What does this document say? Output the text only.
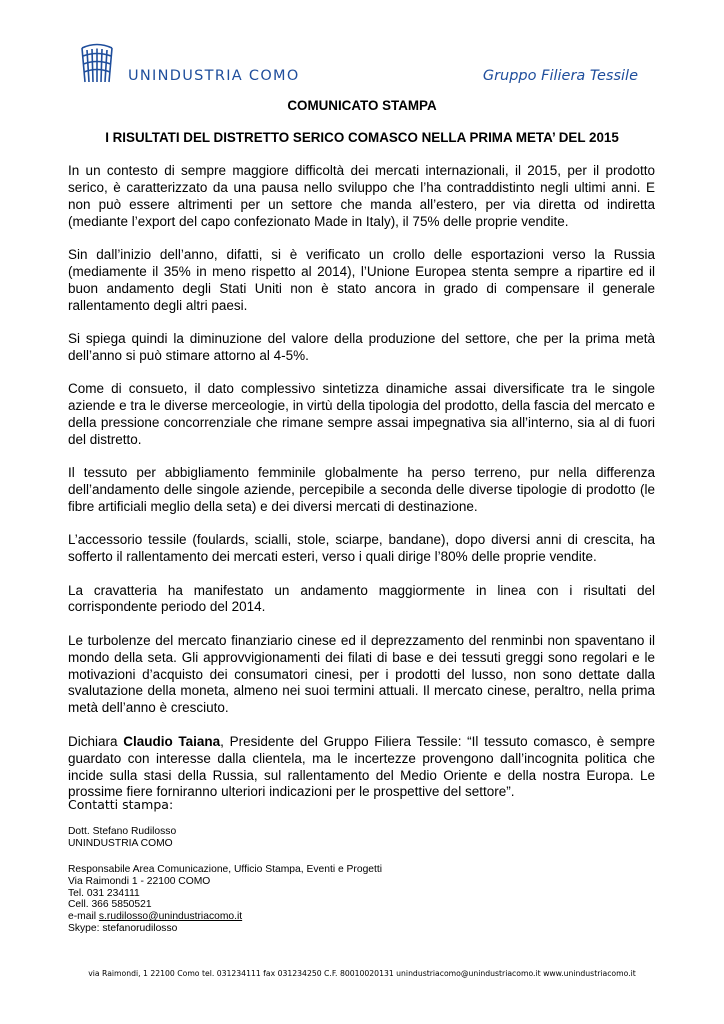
UNINDUSTRIA COMO	Gruppo Filiera Tessile
COMUNICATO STAMPA
I RISULTATI DEL DISTRETTO SERICO COMASCO NELLA PRIMA META’ DEL 2015

In un contesto di sempre maggiore difficoltà dei mercati internazionali, il 2015, per il prodotto serico, è caratterizzato da una pausa nello sviluppo che l’ha contraddistinto negli ultimi anni. E non può essere altrimenti per un settore che manda all’estero, per via diretta od indiretta (mediante l’export del capo confezionato Made in Italy), il 75% delle proprie vendite.

Sin dall’inizio dell’anno, difatti, si è verificato un crollo delle esportazioni verso la Russia (mediamente il 35% in meno rispetto al 2014), l’Unione Europea stenta sempre a ripartire ed il buon andamento degli Stati Uniti non è stato ancora in grado di compensare il generale rallentamento degli altri paesi.

Si spiega quindi la diminuzione del valore della produzione del settore, che per la prima metà dell’anno si può stimare attorno al 4-5%.

Come di consueto, il dato complessivo sintetizza dinamiche assai diversificate tra le singole aziende e tra le diverse merceologie, in virtù della tipologia del prodotto, della fascia del mercato e della pressione concorrenziale che rimane sempre assai impegnativa sia all’interno, sia al di fuori del distretto.

Il tessuto per abbigliamento femminile globalmente ha perso terreno, pur nella differenza dell’andamento delle singole aziende, percepibile a seconda delle diverse tipologie di prodotto (le fibre artificiali meglio della seta) e dei diversi mercati di destinazione.

L’accessorio tessile (foulards, scialli, stole, sciarpe, bandane), dopo diversi anni di crescita, ha sofferto il rallentamento dei mercati esteri, verso i quali dirige l’80% delle proprie vendite.

La cravatteria ha manifestato un andamento maggiormente in linea con i risultati del corrispondente periodo del 2014.

Le turbolenze del mercato finanziario cinese ed il deprezzamento del renminbi non spaventano il mondo della seta. Gli approvvigionamenti dei filati di base e dei tessuti greggi sono regolari e le motivazioni d’acquisto dei consumatori cinesi, per i prodotti del lusso, non sono dettate dalla svalutazione della moneta, almeno nei suoi termini attuali. Il mercato cinese, peraltro, nella prima metà dell’anno è cresciuto.

Dichiara Claudio Taiana, Presidente del Gruppo Filiera Tessile: “Il tessuto comasco, è sempre guardato con interesse dalla clientela, ma le incertezze provengono dall’incognita politica che incide sulla stasi della Russia, sul rallentamento del Medio Oriente e della nostra Europa. Le prossime fiere forniranno ulteriori indicazioni per le prospettive del settore”.

Contatti stampa:
Dott. Stefano Rudilosso
UNINDUSTRIA COMO
Responsabile Area Comunicazione, Ufficio Stampa, Eventi e Progetti
Via Raimondi 1 - 22100 COMO
Tel. 031 234111
Cell. 366 5850521
e-mail s.rudilosso@unindustriacomo.it
Skype: stefanorudilosso
via Raimondi, 1 22100 Como tel. 031234111 fax 031234250 C.F. 80010020131 unindustriacomo@unindustriacomo.it www.unindustriacomo.it
